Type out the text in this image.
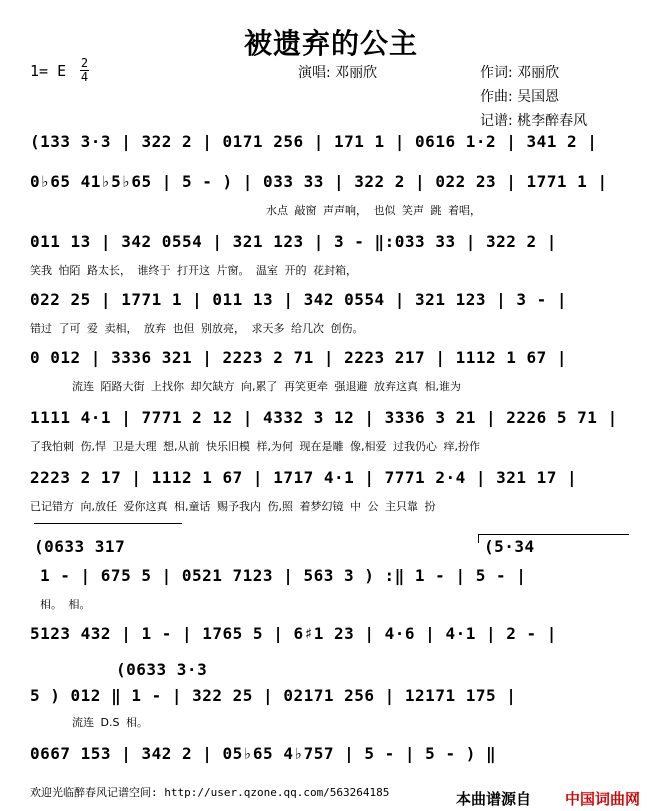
被遗弃的公主
1= E 2
4	演唱: 邓丽欣	作词: 邓丽欣
作曲: 吴国恩
记谱: 桃李醉春风
(133 3·3 | 322 2 | 0171 256 | 171 1 | 0616 1·2 | 341 2 |
0♭65 41♭5♭65 | 5 - ) | 033 33 | 322 2 | 022 23 | 1771 1 |
水点 敲窗 声声响， 也似 笑声 跳 着唱，
011 13 | 342 0554 | 321 123 | 3 - ‖:033 33 | 322 2 |
笑我 怕陌 路太长， 谁终于 打开这 片窗。 温室 开的 花封箱，
022 25 | 1771 1 | 011 13 | 342 0554 | 321 123 | 3 - |
错过 了可 爱 卖相， 放弃 也但 别放亮， 求天多 给几次 创伤。
0 012 | 3336 321 | 2223 2 71 | 2223 217 | 1112 1 67 |
流连 陌路大街 上找你 却欠缺方 向,累了 再笑更牵 强退避 放弃这真 相,谁为
1111 4·1 | 7771 2 12 | 4332 3 12 | 3336 3 21 | 2226 5 71 |
了我怕刺 伤,悍 卫是大理 想,从前 快乐旧模 样,为何 现在是雕 像,相爱 过我仍心 痒,扮作
2223 2 17 | 1112 1 67 | 1717 4·1 | 7771 2·4 | 321 17 |
已记错方 向,放任 爱你这真 相,童话 赐予我内 伤,照 着梦幻镜 中 公 主只靠 扮
(0633 317	(5·34
1 - | 675 5 | 0521 7123 | 563 3 ) :‖ 1 - | 5 - |
相。 相。
5123 432 | 1 - | 1765 5 | 6♯1 23 | 4·6 | 4·1 | 2 - |
(0633 3·3
5 ) 012 ‖ 1 - | 322 25 | 02171 256 | 12171 175 |
流连 D.S 相。
0667 153 | 342 2 | 05♭65 4♭757 | 5 - | 5 - ) ‖
欢迎光临醉春风记谱空间: http://user.qzone.qq.com/563264185	本曲谱源自 中国词曲网
